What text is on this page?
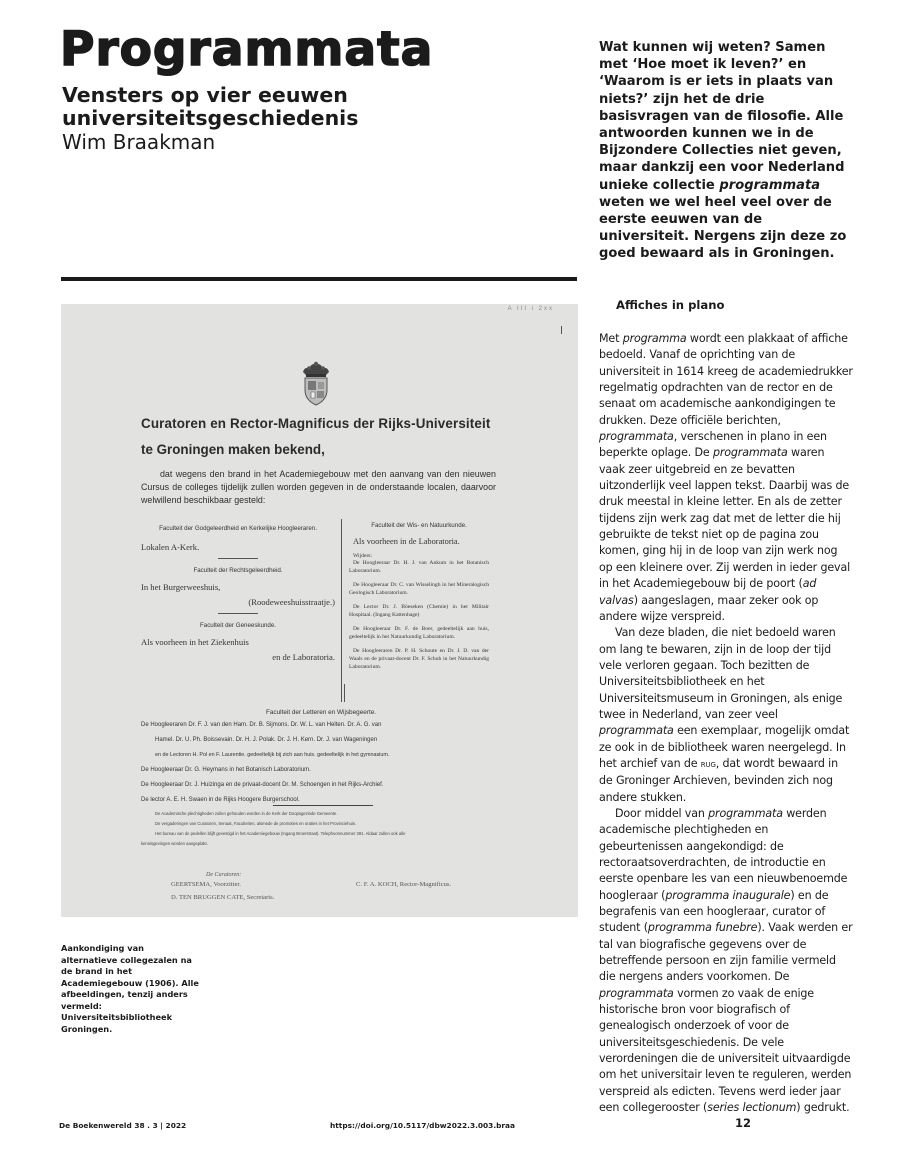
Programmata
Vensters op vier eeuwen
universiteitsgeschiedenis
Wim Braakman
Wat kunnen wij weten? Samen met ‘Hoe moet ik leven?’ en ‘Waarom is er iets in plaats van niets?’ zijn het de drie basisvragen van de filosofie. Alle antwoorden kunnen we in de Bijzondere Collecties niet geven, maar dankzij een voor Nederland unieke collectie programmata weten we wel heel veel over de eerste eeuwen van de universiteit. Nergens zijn deze zo goed bewaard als in Groningen.
Affiches in plano

Met programma wordt een plakkaat of affiche bedoeld. Vanaf de oprichting van de universiteit in 1614 kreeg de academiedrukker regelmatig opdrachten van de rector en de senaat om academische aankondigingen te drukken. Deze officiële berichten, programmata, verschenen in plano in een beperkte oplage. De programmata waren vaak zeer uitgebreid en ze bevatten uitzonderlijk veel lappen tekst. Daarbij was de druk meestal in kleine letter. En als de zetter tijdens zijn werk zag dat met de letter die hij gebruikte de tekst niet op de pagina zou komen, ging hij in de loop van zijn werk nog op een kleinere over. Zij werden in ieder geval in het Academiegebouw bij de poort (ad valvas) aangeslagen, maar zeker ook op andere wijze verspreid.

Van deze bladen, die niet bedoeld waren om lang te bewaren, zijn in de loop der tijd vele verloren gegaan. Toch bezitten de Universiteitsbibliotheek en het Universiteitsmuseum in Groningen, als enige twee in Nederland, van zeer veel programmata een exemplaar, mogelijk omdat ze ook in de bibliotheek waren neergelegd. In het archief van de rug, dat wordt bewaard in de Groninger Archieven, bevinden zich nog andere stukken.

Door middel van programmata werden academische plechtigheden en gebeurtenissen aangekondigd: de rectoraatsoverdrachten, de introductie en eerste openbare les van een nieuwbenoemde hoogleraar (programma inaugurale) en de begrafenis van een hoogleraar, curator of student (programma funebre). Vaak werden er tal van biografische gegevens over de betreffende persoon en zijn familie vermeld die nergens anders voorkomen. De programmata vormen zo vaak de enige historische bron voor biografisch of genealogisch onderzoek of voor de universiteitsgeschiedenis. De vele verordeningen die de universiteit uitvaardigde om het universitair leven te reguleren, werden verspreid als edicten. Tevens werd ieder jaar een collegerooster (series lectionum) gedrukt.

A III i 2xx
Curatoren en Rector-Magnificus der Rijks-Universiteit
te Groningen maken bekend,
dat wegens den brand in het Academiegebouw met den aanvang van den nieuwen Cursus de colleges tijdelijk zullen worden gegeven in de onderstaande localen, daarvoor welwillend beschikbaar gesteld:
Faculteit der Godgeleerdheid en Kerkelijke Hoogleeraren.
Lokalen A-Kerk.
Faculteit der Rechtsgeleerdheid.
In het Burgerweeshuis,
(Roodeweeshuisstraatje.)
Faculteit der Geneeskunde.
Als voorheen in het Ziekenhuis
en de Laboratoria.
Faculteit der Wis- en Natuurkunde.
Als voorheen in de Laboratoria.
Wijders:
De Hoogleeraar Dr. H. J. van Ankum in het Botanisch Laboratorium.
De Hoogleeraar Dr. C. van Wisselingh in het Mineralogisch Geologisch Laboratorium.
De Lector Dr. J. Böeseken (Chemie) in het Militair Hospitaal. (Ingang Kattenhage)
De Hoogleeraar Dr. F. de Boer, gedeeltelijk aan huis, gedeeltelijk in het Natuurkundig Laboratorium.
De Hoogleeraren Dr. P. H. Schoute en Dr. J. D. van der Waals en de privaat-docent Dr. F. Schuh in het Natuurkundig Laboratorium.
Faculteit der Letteren en Wijsbegeerte.
De Hoogleeraren Dr. F. J. van den Ham. Dr. B. Sijmons. Dr. W. L. van Helten. Dr. A. G. van
Hamel. Dr. U. Ph. Boissevain. Dr. H. J. Polak. Dr. J. H. Kern. Dr. J. van Wageningen
en de Lectoren H. Pol en F. Laurentie. gedeeltelijk bij zich aan huis. gedeeltelijk in het gymnasium.
De Hoogleeraar Dr. G. Heymans in het Botanisch Laboratorium.
De Hoogleeraar Dr. J. Huizinga en de privaat-docent Dr. M. Schoengen in het Rijks-Archief.
De lector A. E. H. Swaen in de Rijks Hoogere Burgerschool.
De Academische plechtigheden zullen gehouden worden in de Kerk der Doopsgezinde Gemeente.
De vergaderingen van Curatoren, Senaat, Faculteiten, alsmede de promoties en oraties in het Provinciehuis.
Het bureau van de pedellen blijft gevestigd in het Academiegebouw (Ingang Broerstraat). Telephoonnummer 391. Aldaar zullen ook alle
kennisgevingen worden aangeplakt.
De Curatoren:
GEERTSEMA, Voorzitter.	C. F. A. KOCH, Rector-Magnificus.
D. TEN BRUGGEN CATE, Secretaris.
Aankondiging van alternatieve collegezalen na de brand in het Academiegebouw (1906). Alle afbeeldingen, tenzij anders vermeld: Universiteitsbibliotheek Groningen.
De Boekenwereld 38 . 3 | 2022	https://doi.org/10.5117/dbw2022.3.003.braa	12
